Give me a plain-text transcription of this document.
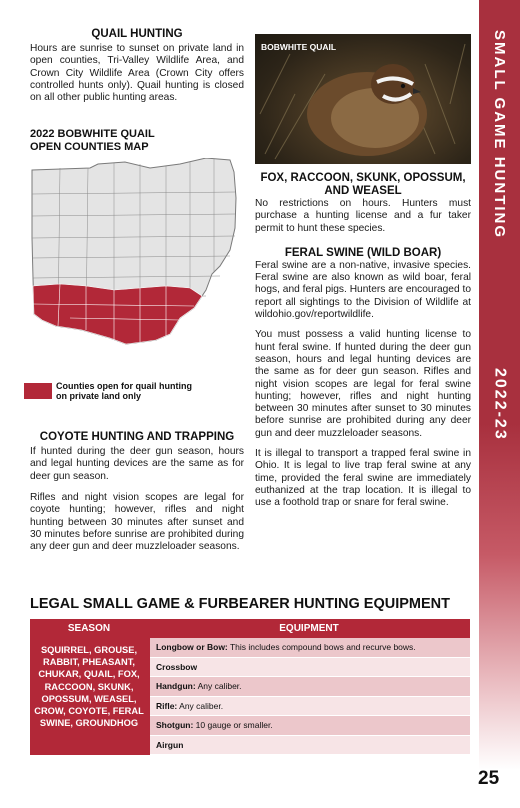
SMALL GAME HUNTING
2022-23
QUAIL HUNTING

Hours are sunrise to sunset on private land in open counties, Tri-Valley Wildlife Area, and Crown City Wildlife Area (Crown City offers controlled hunts only). Quail hunting is closed on all other public hunting areas.

2022 BOBWHITE QUAIL
OPEN COUNTIES MAP
Counties open for quail hunting on private land only
COYOTE HUNTING AND TRAPPING

If hunted during the deer gun season, hours and legal hunting devices are the same as for deer gun season.

Rifles and night vision scopes are legal for coyote hunting; however, rifles and night hunting between 30 minutes after sunset and 30 minutes before sunrise are prohibited during any deer gun and deer muzzleloader seasons.

BOBWHITE QUAIL
FOX, RACCOON, SKUNK, OPOSSUM, AND WEASEL

No restrictions on hours. Hunters must purchase a hunting license and a fur taker permit to hunt these species.

FERAL SWINE (WILD BOAR)

Feral swine are a non-native, invasive species. Feral swine are also known as wild boar, feral hogs, and feral pigs. Hunters are encouraged to report all sightings to the Division of Wildlife at wildohio.gov/reportwildlife.

You must possess a valid hunting license to hunt feral swine. If hunted during the deer gun season, hours and legal hunting devices are the same as for deer gun season. Rifles and night vision scopes are legal for feral swine hunting; however, rifles and night hunting between 30 minutes after sunset to 30 minutes before sunrise are prohibited during any deer gun and deer muzzleloader seasons.

It is illegal to transport a trapped feral swine in Ohio. It is legal to live trap feral swine at any time, provided the feral swine are immediately euthanized at the trap location. It is illegal to use a foothold trap or snare for feral swine.

LEGAL SMALL GAME & FURBEARER HUNTING EQUIPMENT
SEASON	EQUIPMENT
SQUIRREL, GROUSE, RABBIT, PHEASANT, CHUKAR, QUAIL, FOX, RACCOON, SKUNK, OPOSSUM, WEASEL, CROW, COYOTE, FERAL SWINE, GROUNDHOG
Longbow or Bow: This includes compound bows and recurve bows.
Crossbow
Handgun: Any caliber.
Rifle: Any caliber.
Shotgun: 10 gauge or smaller.
Airgun
25
